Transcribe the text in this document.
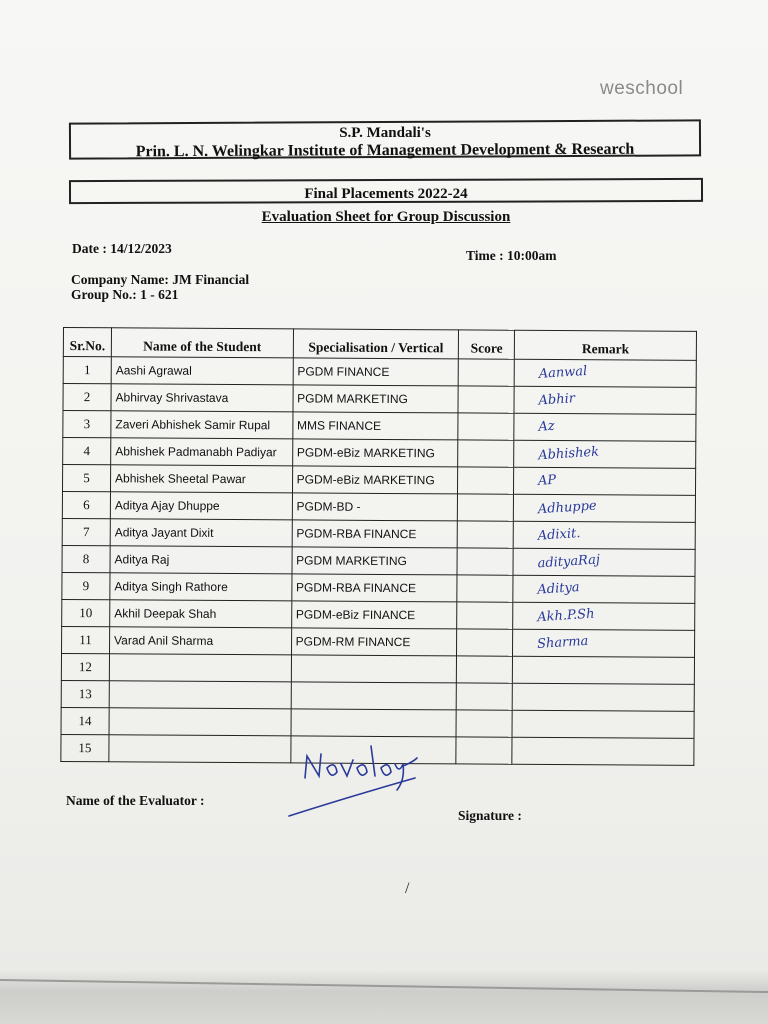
weschool
S.P. Mandali's
Prin. L. N. Welingkar Institute of Management Development & Research
Final Placements 2022-24
Evaluation Sheet for Group Discussion
Date : 14/12/2023	Time : 10:00am
Company Name: JM Financial
Group No.: 1 - 621
Sr.No.	Name of the Student	Specialisation / Vertical	Score	Remark
1	Aashi Agrawal	PGDM FINANCE		Aanwal
2	Abhirvay Shrivastava	PGDM MARKETING		Abhir
3	Zaveri Abhishek Samir Rupal	MMS FINANCE		Az
4	Abhishek Padmanabh Padiyar	PGDM-eBiz MARKETING		Abhishek
5	Abhishek Sheetal Pawar	PGDM-eBiz MARKETING		AP
6	Aditya Ajay Dhuppe	PGDM-BD -		Adhuppe
7	Aditya Jayant Dixit	PGDM-RBA FINANCE		Adixit.
8	Aditya Raj	PGDM MARKETING		adityaRaj
9	Aditya Singh Rathore	PGDM-RBA FINANCE		Aditya
10	Akhil Deepak Shah	PGDM-eBiz FINANCE		Akh.P.Sh
11	Varad Anil Sharma	PGDM-RM FINANCE		Sharma
12				
13				
14				
15				
Name of the Evaluator :
Signature :
/
